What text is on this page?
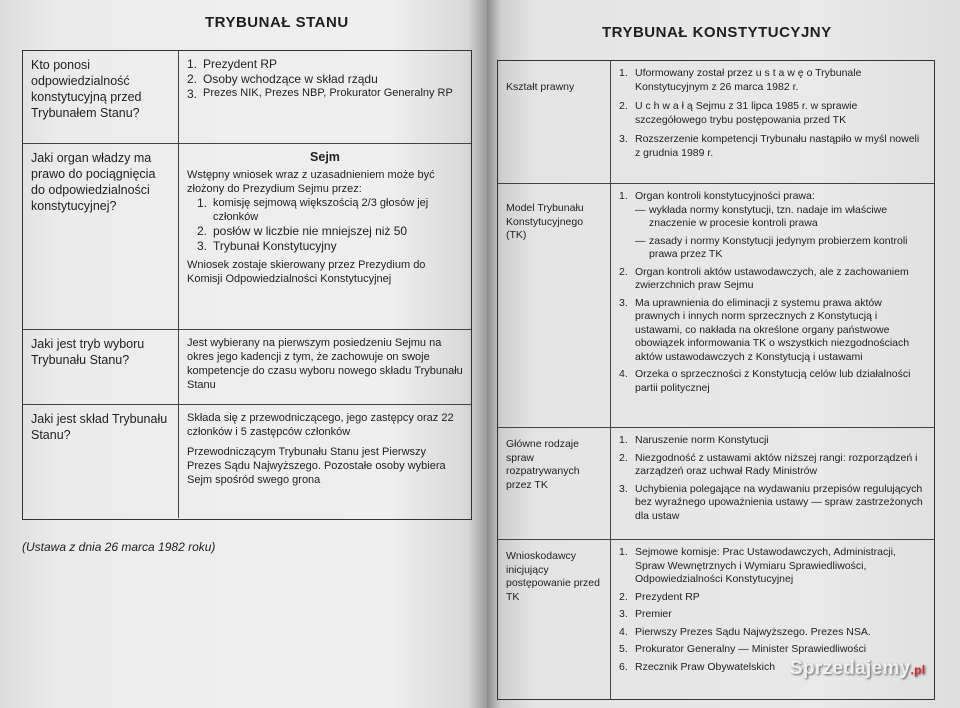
TRYBUNAŁ STANU
Kto ponosi odpowiedzialność konstytucyjną przed Trybunałem Stanu?
1. Prezydent RP
2. Osoby wchodzące w skład rządu
3. Prezes NIK, Prezes NBP, Prokurator Generalny RP
Jaki organ władzy ma prawo do pociągnięcia do odpowiedzialności konstytucyjnej?
Sejm

Wstępny wniosek wraz z uzasadnieniem może być złożony do Prezydium Sejmu przez:

1. komisję sejmową większością 2/3 głosów jej członków
2. posłów w liczbie nie mniejszej niż 50
3. Trybunał Konstytucyjny

Wniosek zostaje skierowany przez Prezydium do Komisji Odpowiedzialności Konstytucyjnej

Jaki jest tryb wyboru Trybunału Stanu?

Jest wybierany na pierwszym posiedzeniu Sejmu na okres jego kadencji z tym, że zachowuje on swoje kompetencje do czasu wyboru nowego składu Trybunału Stanu

Jaki jest skład Trybunału Stanu?

Składa się z przewodniczącego, jego zastępcy oraz 22 członków i 5 zastępców członków

Przewodniczącym Trybunału Stanu jest Pierwszy Prezes Sądu Najwyższego. Pozostałe osoby wybiera Sejm spośród swego grona

(Ustawa z dnia 26 marca 1982 roku)
TRYBUNAŁ KONSTYTUCYJNY
Kształt prawny
1. Uformowany został przez u s t a w ę o Trybunale Konstytucyjnym z 26 marca 1982 r.
2. U c h w a ł ą Sejmu z 31 lipca 1985 r. w sprawie szczegółowego trybu postępowania przed TK
3. Rozszerzenie kompetencji Trybunału nastąpiło w myśl noweli z grudnia 1989 r.
Model Trybunału Konstytucyjnego (TK)
1. Organ kontroli konstytucyjności prawa:
— wykłada normy konstytucji, tzn. nadaje im właściwe znaczenie w procesie kontroli prawa
— zasady i normy Konstytucji jedynym probierzem kontroli prawa przez TK
2. Organ kontroli aktów ustawodawczych, ale z zachowaniem zwierzchnich praw Sejmu
3. Ma uprawnienia do eliminacji z systemu prawa aktów prawnych i innych norm sprzecznych z Konstytucją i ustawami, co nakłada na określone organy państwowe obowiązek informowania TK o wszystkich niezgodnościach aktów ustawodawczych z Konstytucją i ustawami
4. Orzeka o sprzeczności z Konstytucją celów lub działalności partii politycznej
Główne rodzaje spraw rozpatrywanych przez TK
1. Naruszenie norm Konstytucji
2. Niezgodność z ustawami aktów niższej rangi: rozporządzeń i zarządzeń oraz uchwał Rady Ministrów
3. Uchybienia polegające na wydawaniu przepisów regulujących bez wyraźnego upoważnienia ustawy — spraw zastrzeżonych dla ustaw
Wnioskodawcy inicjujący postępowanie przed TK
1. Sejmowe komisje: Prac Ustawodawczych, Administracji, Spraw Wewnętrznych i Wymiaru Sprawiedliwości, Odpowiedzialności Konstytucyjnej
2. Prezydent RP
3. Premier
4. Pierwszy Prezes Sądu Najwyższego. Prezes NSA.
5. Prokurator Generalny — Minister Sprawiedliwości
6. Rzecznik Praw Obywatelskich Sprzedajemy.pl
